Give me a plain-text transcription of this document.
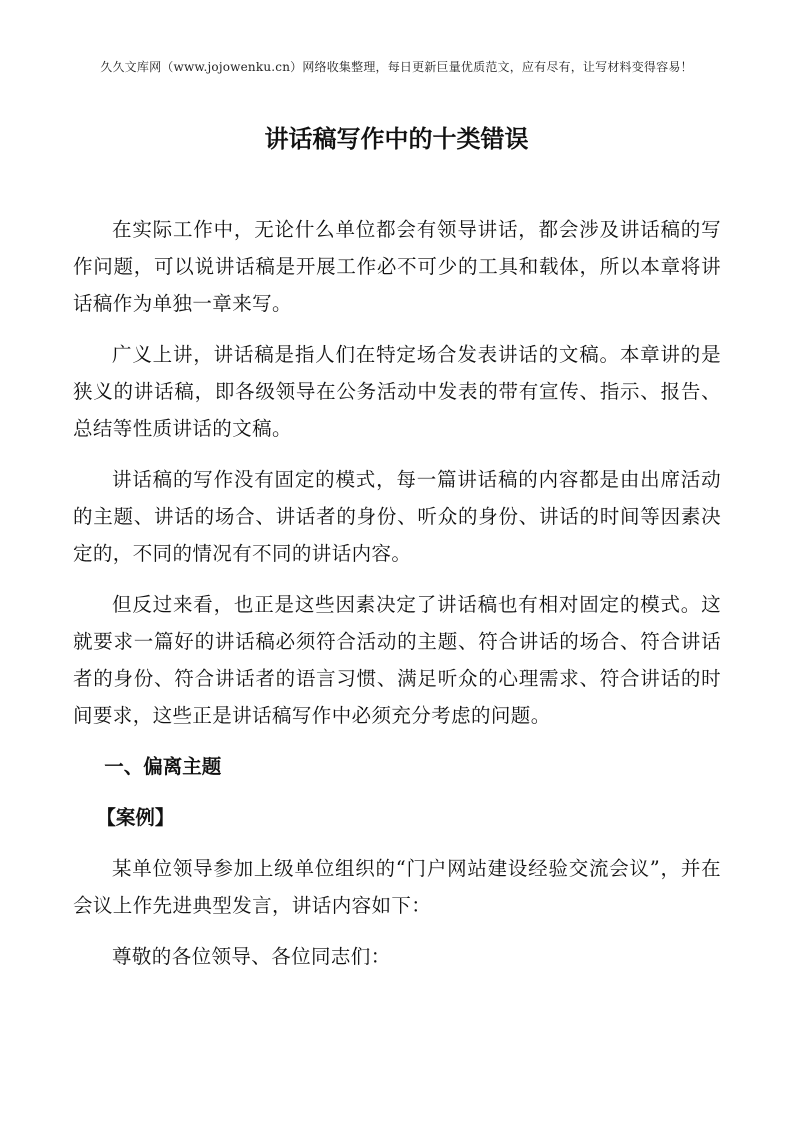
久久文库网（www.jojowenku.cn）网络收集整理，每日更新巨量优质范文，应有尽有，让写材料变得容易！
讲话稿写作中的十类错误

在实际工作中，无论什么单位都会有领导讲话，都会涉及讲话稿的写作问题，可以说讲话稿是开展工作必不可少的工具和载体，所以本章将讲话稿作为单独一章来写。

广义上讲，讲话稿是指人们在特定场合发表讲话的文稿。本章讲的是狭义的讲话稿，即各级领导在公务活动中发表的带有宣传、指示、报告、总结等性质讲话的文稿。

讲话稿的写作没有固定的模式，每一篇讲话稿的内容都是由出席活动的主题、讲话的场合、讲话者的身份、听众的身份、讲话的时间等因素决定的，不同的情况有不同的讲话内容。

但反过来看，也正是这些因素决定了讲话稿也有相对固定的模式。这就要求一篇好的讲话稿必须符合活动的主题、符合讲话的场合、符合讲话者的身份、符合讲话者的语言习惯、满足听众的心理需求、符合讲话的时间要求，这些正是讲话稿写作中必须充分考虑的问题。

一、偏离主题

【案例】

某单位领导参加上级单位组织的“门户网站建设经验交流会议”，并在会议上作先进典型发言，讲话内容如下：

尊敬的各位领导、各位同志们：
